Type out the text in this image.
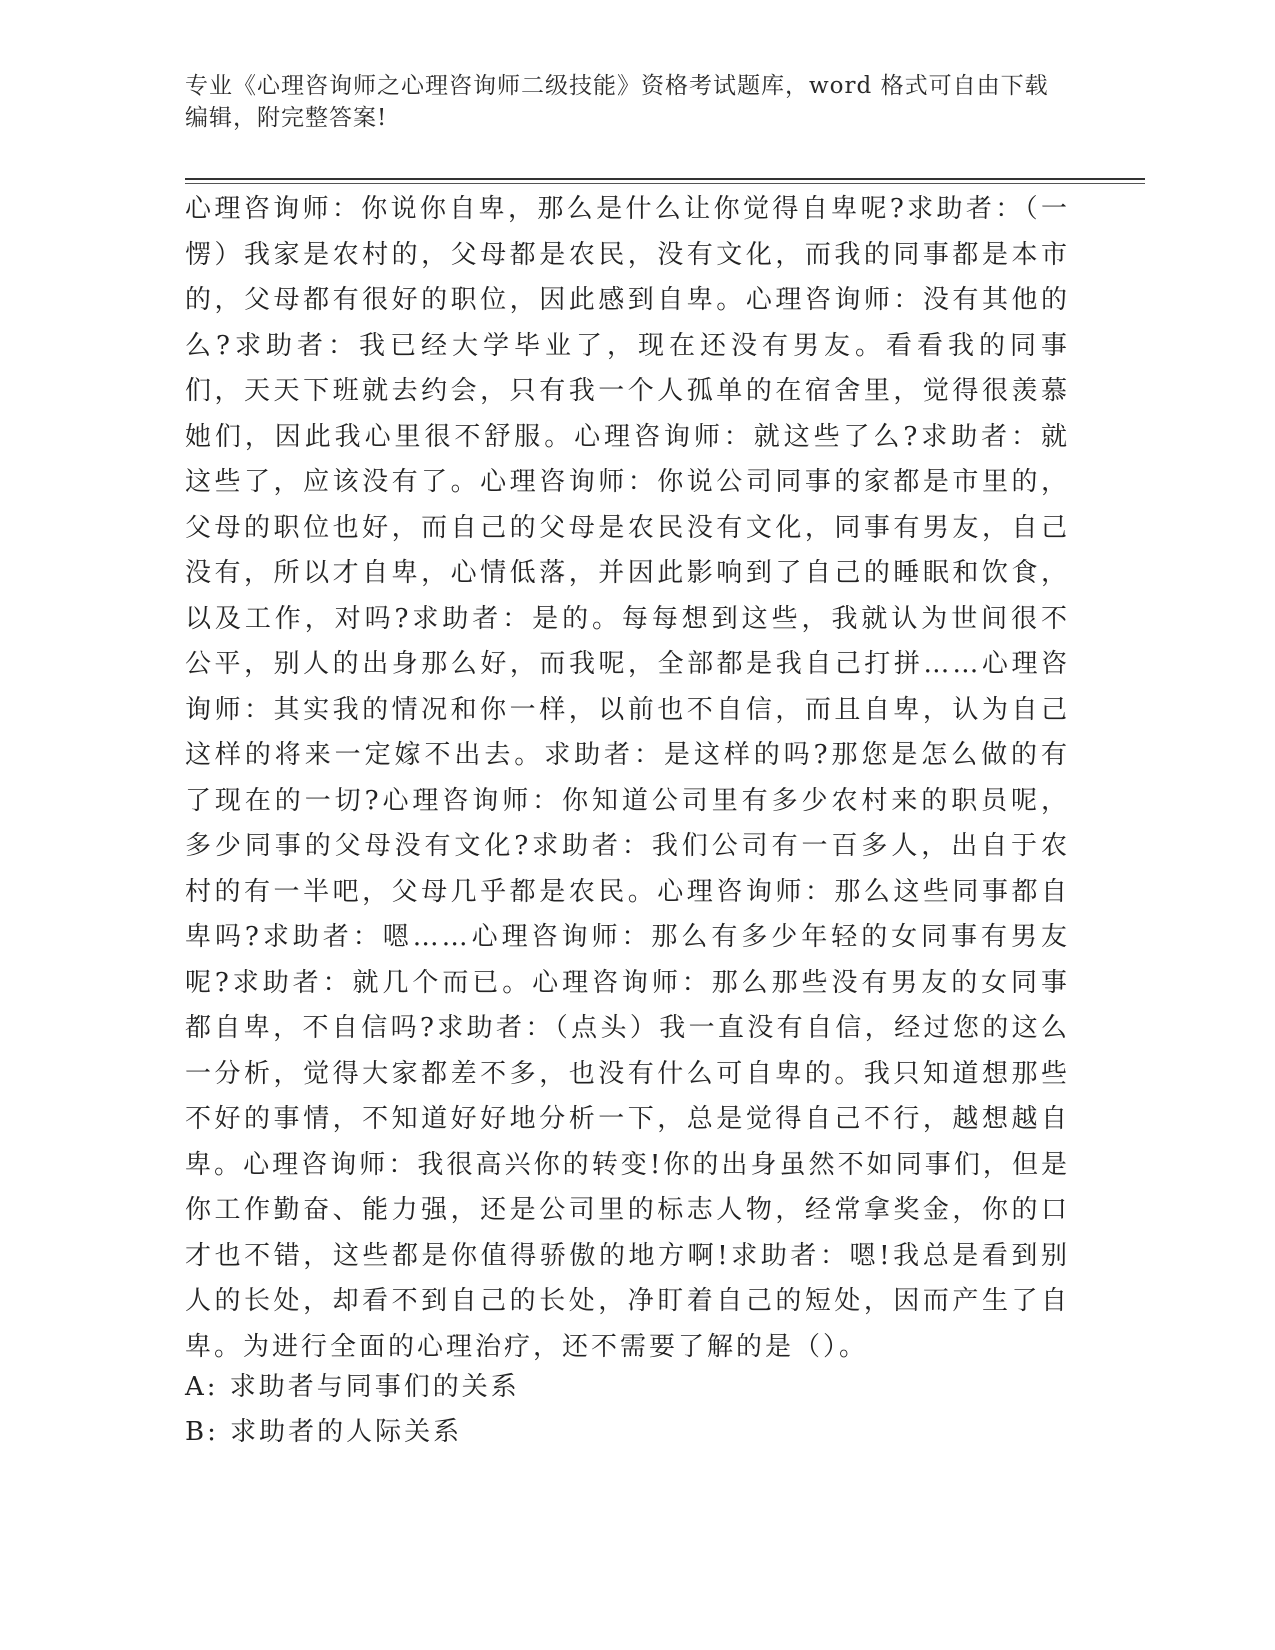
专业《心理咨询师之心理咨询师二级技能》资格考试题库，word 格式可自由下载编辑，附完整答案!
心理咨询师：你说你自卑，那么是什么让你觉得自卑呢?求助者：（一愣）我家是农村的，父母都是农民，没有文化，而我的同事都是本市的，父母都有很好的职位，因此感到自卑。心理咨询师：没有其他的么?求助者：我已经大学毕业了，现在还没有男友。看看我的同事们，天天下班就去约会，只有我一个人孤单的在宿舍里，觉得很羡慕她们，因此我心里很不舒服。心理咨询师：就这些了么?求助者：就这些了，应该没有了。心理咨询师：你说公司同事的家都是市里的，父母的职位也好，而自己的父母是农民没有文化，同事有男友，自己没有，所以才自卑，心情低落，并因此影响到了自己的睡眠和饮食，以及工作，对吗?求助者：是的。每每想到这些，我就认为世间很不公平，别人的出身那么好，而我呢，全部都是我自己打拼……心理咨询师：其实我的情况和你一样，以前也不自信，而且自卑，认为自己这样的将来一定嫁不出去。求助者：是这样的吗?那您是怎么做的有了现在的一切?心理咨询师：你知道公司里有多少农村来的职员呢，多少同事的父母没有文化?求助者：我们公司有一百多人，出自于农村的有一半吧，父母几乎都是农民。心理咨询师：那么这些同事都自卑吗?求助者：嗯……心理咨询师：那么有多少年轻的女同事有男友呢?求助者：就几个而已。心理咨询师：那么那些没有男友的女同事都自卑，不自信吗?求助者：（点头）我一直没有自信，经过您的这么一分析，觉得大家都差不多，也没有什么可自卑的。我只知道想那些不好的事情，不知道好好地分析一下，总是觉得自己不行，越想越自卑。心理咨询师：我很高兴你的转变!你的出身虽然不如同事们，但是你工作勤奋、能力强，还是公司里的标志人物，经常拿奖金，你的口才也不错，这些都是你值得骄傲的地方啊!求助者：嗯!我总是看到别人的长处，却看不到自己的长处，净盯着自己的短处，因而产生了自卑。为进行全面的心理治疗，还不需要了解的是（）。
A: 求助者与同事们的关系
B: 求助者的人际关系
